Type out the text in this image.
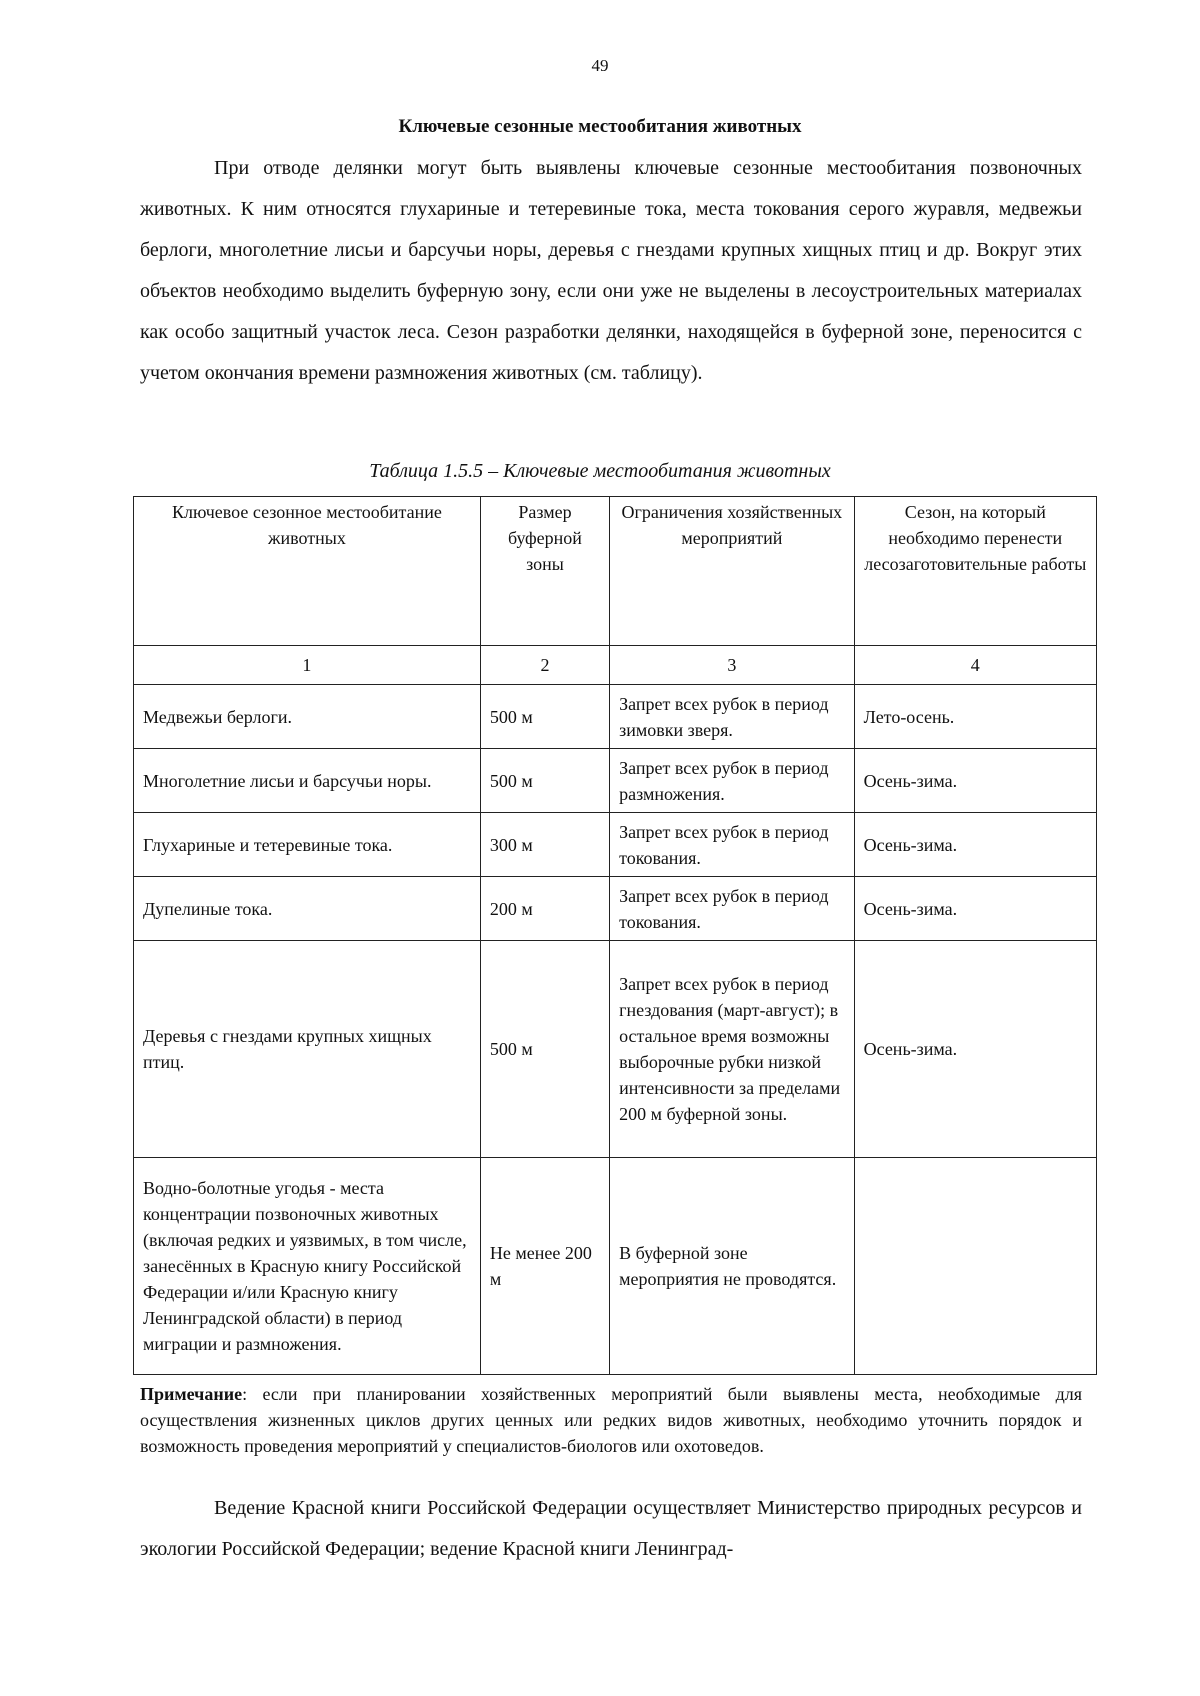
49
Ключевые сезонные местообитания животных

При отводе делянки могут быть выявлены ключевые сезонные местообитания позвоночных животных. К ним относятся глухариные и тетеревиные тока, места токования серого журавля, медвежьи берлоги, многолетние лисьи и барсучьи норы, деревья с гнездами крупных хищных птиц и др. Вокруг этих объектов необходимо выделить буферную зону, если они уже не выделены в лесоустроительных материалах как особо защитный участок леса. Сезон разработки делянки, находящейся в буферной зоне, переносится с учетом окончания времени размножения животных (см. таблицу).

Таблица 1.5.5 – Ключевые местообитания животных
Ключевое сезонное местообитание животных	Размер буферной зоны	Ограничения хозяйственных мероприятий	Сезон, на который необходимо перенести лесозаготовительные работы
1	2	3	4
Медвежьи берлоги.	500 м	Запрет всех рубок в период зимовки зверя.	Лето-осень.
Многолетние лисьи и барсучьи норы.	500 м	Запрет всех рубок в период размножения.	Осень-зима.
Глухариные и тетеревиные тока.	300 м	Запрет всех рубок в период токования.	Осень-зима.
Дупелиные тока.	200 м	Запрет всех рубок в период токования.	Осень-зима.
Деревья с гнездами крупных хищных птиц.	500 м	Запрет всех рубок в период гнездования (март-август); в остальное время возможны выборочные рубки низкой интенсивности за пределами 200 м буферной зоны.	Осень-зима.
Водно-болотные угодья - места концентрации позвоночных животных (включая редких и уязвимых, в том числе, занесённых в Красную книгу Российской Федерации и/или Красную книгу Ленинградской области) в период миграции и размножения.	Не менее 200 м	В буферной зоне мероприятия не проводятся.	

Примечание: если при планировании хозяйственных мероприятий были выявлены места, необходимые для осуществления жизненных циклов других ценных или редких видов животных, необходимо уточнить порядок и возможность проведения мероприятий у специалистов-биологов или охотоведов.

Ведение Красной книги Российской Федерации осуществляет Министерство природных ресурсов и экологии Российской Федерации; ведение Красной книги Ленинград-
